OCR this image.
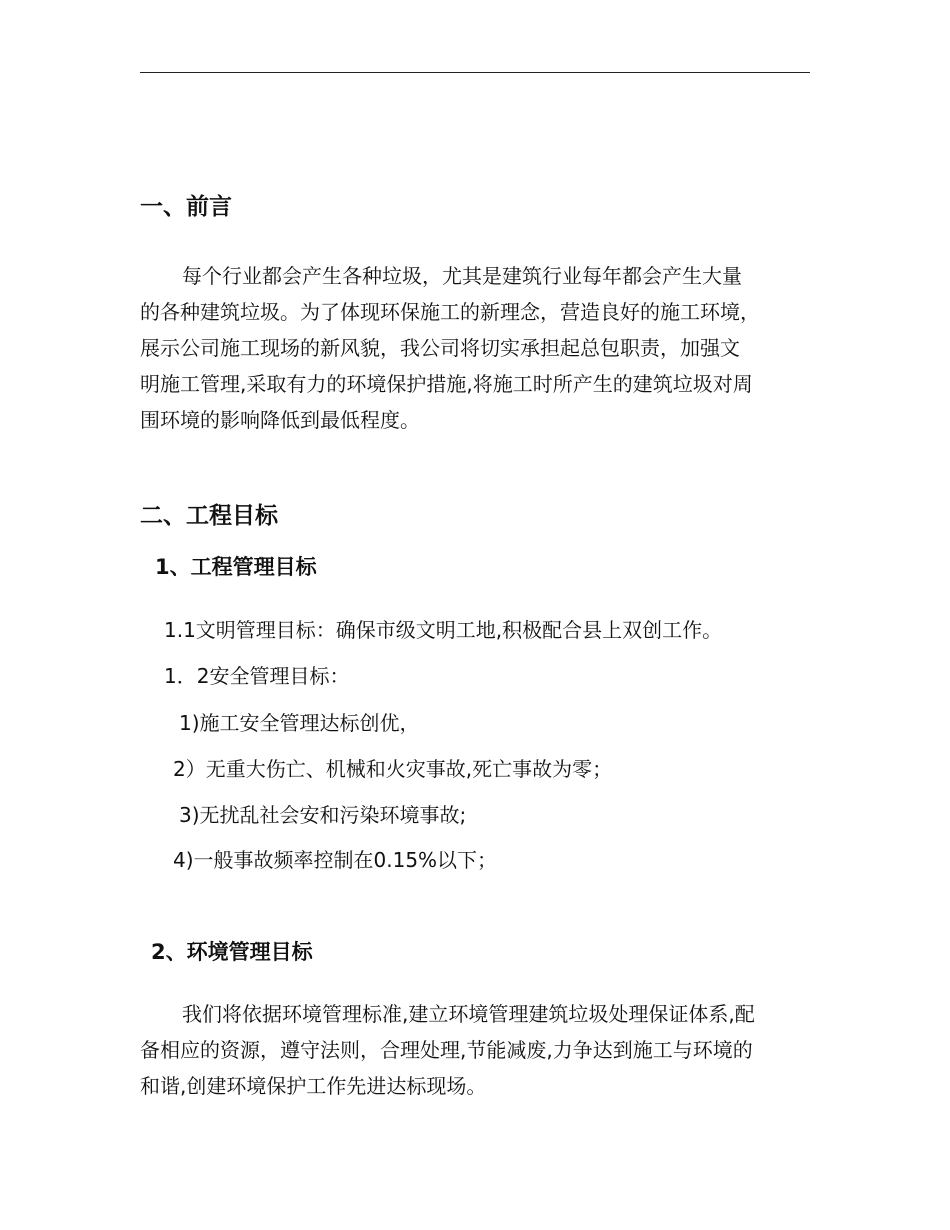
一、前言
每个行业都会产生各种垃圾，尤其是建筑行业每年都会产生大量
的各种建筑垃圾。为了体现环保施工的新理念，营造良好的施工环境，
展示公司施工现场的新风貌，我公司将切实承担起总包职责，加强文
明施工管理,采取有力的环境保护措施,将施工时所产生的建筑垃圾对周
围环境的影响降低到最低程度。
二、工程目标
1、工程管理目标
1.1文明管理目标：确保市级文明工地,积极配合县上双创工作。
1．2安全管理目标：
1)施工安全管理达标创优，
2）无重大伤亡、机械和火灾事故,死亡事故为零；
3)无扰乱社会安和污染环境事故;
4)一般事故频率控制在0.15%以下；
2、环境管理目标
我们将依据环境管理标准,建立环境管理建筑垃圾处理保证体系,配
备相应的资源，遵守法则，合理处理,节能减废,力争达到施工与环境的
和谐,创建环境保护工作先进达标现场。
